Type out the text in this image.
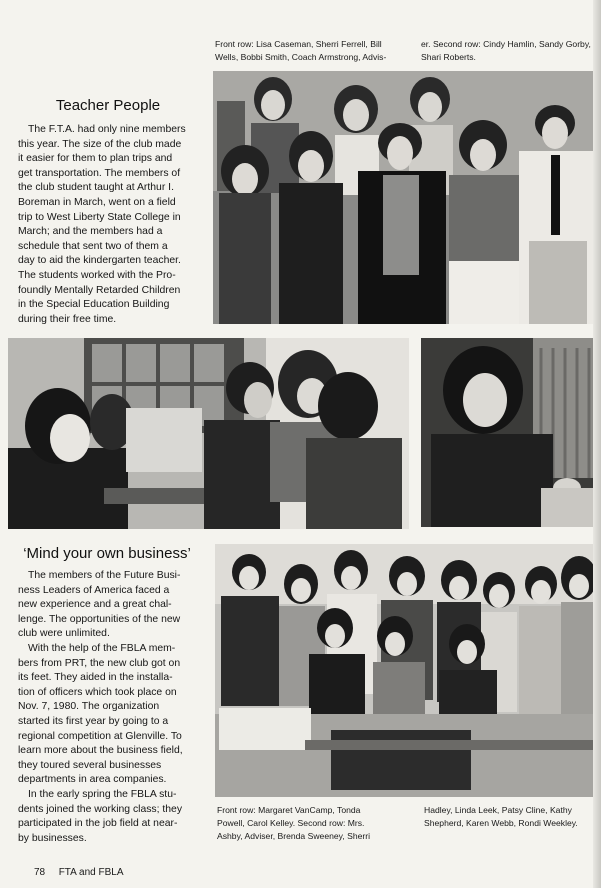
Front row: Lisa Caseman, Sherri Ferrell, Bill
Wells, Bobbi Smith, Coach Armstrong, Advis-
er. Second row: Cindy Hamlin, Sandy Gorby,
Shari Roberts.
Teacher People
The F.T.A. had only nine members
this year. The size of the club made
it easier for them to plan trips and
get transportation. The members of
the club student taught at Arthur I.
Boreman in March, went on a field
trip to West Liberty State College in
March; and the members had a
schedule that sent two of them a
day to aid the kindergarten teacher.
The students worked with the Pro-
foundly Mentally Retarded Children
in the Special Education Building
during their free time.
‘Mind your own business’
The members of the Future Busi-
ness Leaders of America faced a
new experience and a great chal-
lenge. The opportunities of the new
club were unlimited.
With the help of the FBLA mem-
bers from PRT, the new club got on
its feet. They aided in the installa-
tion of officers which took place on
Nov. 7, 1980. The organization
started its first year by going to a
regional competition at Glenville. To
learn more about the business field,
they toured several businesses
departments in area companies.
In the early spring the FBLA stu-
dents joined the working class; they
participated in the job field at near-
by businesses.
Front row: Margaret VanCamp, Tonda
Powell, Carol Kelley. Second row: Mrs.
Ashby, Adviser, Brenda Sweeney, Sherri
Hadley, Linda Leek, Patsy Cline, Kathy
Shepherd, Karen Webb, Rondi Weekley.
78 FTA and FBLA
